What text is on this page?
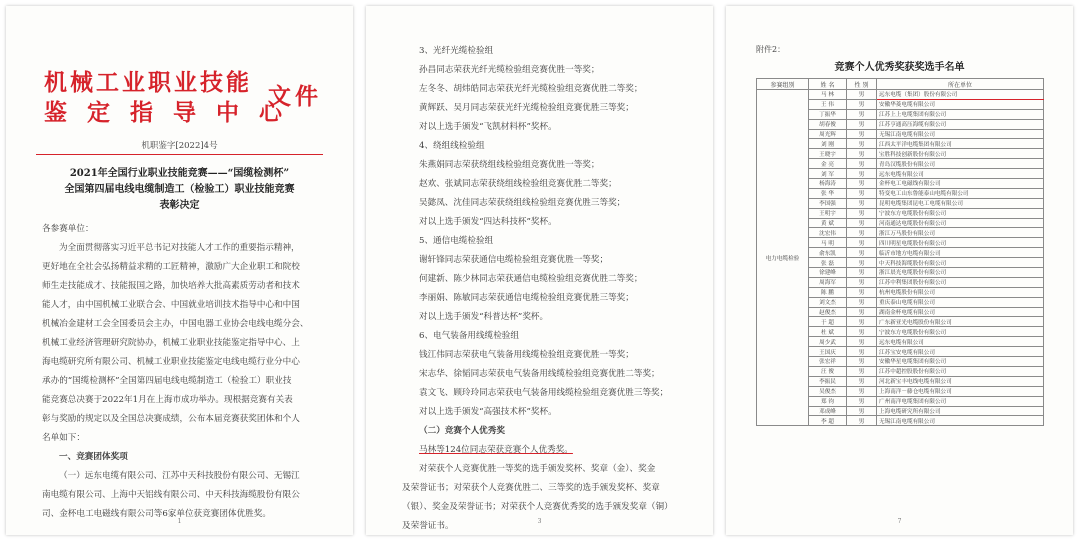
机械工业职业技能
鉴 定 指 导 中 心
文件
机职鉴字[2022]4号
2021年全国行业职业技能竞赛——“国缆检测杯”
全国第四届电线电缆制造工（检验工）职业技能竞赛
表彰决定
各参赛单位：
为全面贯彻落实习近平总书记对技能人才工作的重要指示精神，
更好地在全社会弘扬精益求精的工匠精神，激励广大企业职工和院校
师生走技能成才、技能报国之路，加快培养大批高素质劳动者和技术
能人才，由中国机械工业联合会、中国就业培训技术指导中心和中国
机械冶金建材工会全国委员会主办，中国电器工业协会电线电缆分会、
机械工业经济管理研究院协办，机械工业职业技能鉴定指导中心、上
海电缆研究所有限公司、机械工业职业技能鉴定电线电缆行业分中心
承办的“国缆检测杯”全国第四届电线电缆制造工（检验工）职业技
能竞赛总决赛于2022年1月在上海市成功举办。现根据竞赛有关表
彰与奖励的规定以及全国总决赛成绩，公布本届竞赛获奖团体和个人
名单如下：
一、竞赛团体奖项
（一）远东电缆有限公司、江苏中天科技股份有限公司、无锡江
南电缆有限公司、上海中天铝线有限公司、中天科技海缆股份有限公
司、金杯电工电磁线有限公司等6家单位获竞赛团体优胜奖。
1
3、光纤光缆检验组
孙昌同志荣获光纤光缆检验组竞赛优胜一等奖；
左冬冬、胡炜皓同志荣获光纤光缆检验组竞赛优胜二等奖；
黄辉跃、吴月同志荣获光纤光缆检验组竞赛优胜三等奖；
对以上选手颁发“飞凯材料杯”奖杯。
4、绕组线检验组
朱燕娟同志荣获绕组线检验组竞赛优胜一等奖；
赵欢、张斌同志荣获绕组线检验组竞赛优胜二等奖；
吴懿凤、沈佳同志荣获绕组线检验组竞赛优胜三等奖；
对以上选手颁发“四达科技杯”奖杯。
5、通信电缆检验组
谢轩锋同志荣获通信电缆检验组竞赛优胜一等奖；
何建新、陈少林同志荣获通信电缆检验组竞赛优胜二等奖；
李丽娟、陈敏同志荣获通信电缆检验组竞赛优胜三等奖；
对以上选手颁发“科普达杯”奖杯。
6、电气装备用线缆检验组
钱江伟同志荣获电气装备用线缆检验组竞赛优胜一等奖；
宋志华、徐韬同志荣获电气装备用线缆检验组竞赛优胜二等奖；
袁文飞、顾玲玲同志荣获电气装备用线缆检验组竞赛优胜三等奖；
对以上选手颁发“高强技术杯”奖杯。
（二）竞赛个人优秀奖
马林等124位同志荣获竞赛个人优秀奖。
对荣获个人竞赛优胜一等奖的选手颁发奖杯、奖章（金）、奖金
及荣誉证书；对荣获个人竞赛优胜二、三等奖的选手颁发奖杯、奖章
（银）、奖金及荣誉证书；对荣获个人竞赛优秀奖的选手颁发奖章（铜）
及荣誉证书。	3
附件2：
竞赛个人优秀奖获奖选手名单
参赛组别	姓 名	性 别	所在单位
电力电缆检验	马 林	男	远东电缆（集团）股份有限公司
	王 伟	男	安徽华菱电缆有限公司
	丁振华	男	江苏上上电缆集团有限公司
	胡春俊	男	江苏亨通高压海缆有限公司
	周光辉	男	无锡江南电缆有限公司
	刘 刚	男	江西太平洋电缆集团有限公司
	王晓宇	男	宝胜科技创新股份有限公司
	金 亮	男	青岛汉缆股份有限公司
	刘 军	男	远东电缆有限公司
	杨海涛	男	金杯电工电磁线有限公司
	张 华	男	特变电工山东鲁能泰山电缆有限公司
	李国强	男	昆明电缆集团昆电工电缆有限公司
	王明宇	男	宁波东方电缆股份有限公司
	黄 斌	男	河南通达电缆股份有限公司
	沈宏伟	男	浙江万马股份有限公司
	马 明	男	四川明星电缆股份有限公司
	俞东凯	男	临沂市地方电缆有限公司
	张 磊	男	中天科技海缆股份有限公司
	徐建峰	男	浙江晨光电缆股份有限公司
	周海军	男	江苏中利集团股份有限公司
	陈 鹏	男	杭州电缆股份有限公司
	刘文杰	男	重庆泰山电缆有限公司
	赵俊杰	男	湖南金杯电缆有限公司
	于 超	男	广东新亚光电缆股份有限公司
	杜 斌	男	宁波东方电缆股份有限公司
	周少武	男	远东电缆有限公司
	王国庆	男	江苏宝安电缆有限公司
	张宏祥	男	安徽华星电缆集团有限公司
	汪 俊	男	江苏中超控股股份有限公司
	李振民	男	河北新宝丰电线电缆有限公司
	吴俊杰	男	上海南洋－藤仓电缆有限公司
	郑 钧	男	广州南洋电缆集团有限公司
	邓成峰	男	上海电缆研究所有限公司
	李 超	男	无锡江南电缆有限公司
7
